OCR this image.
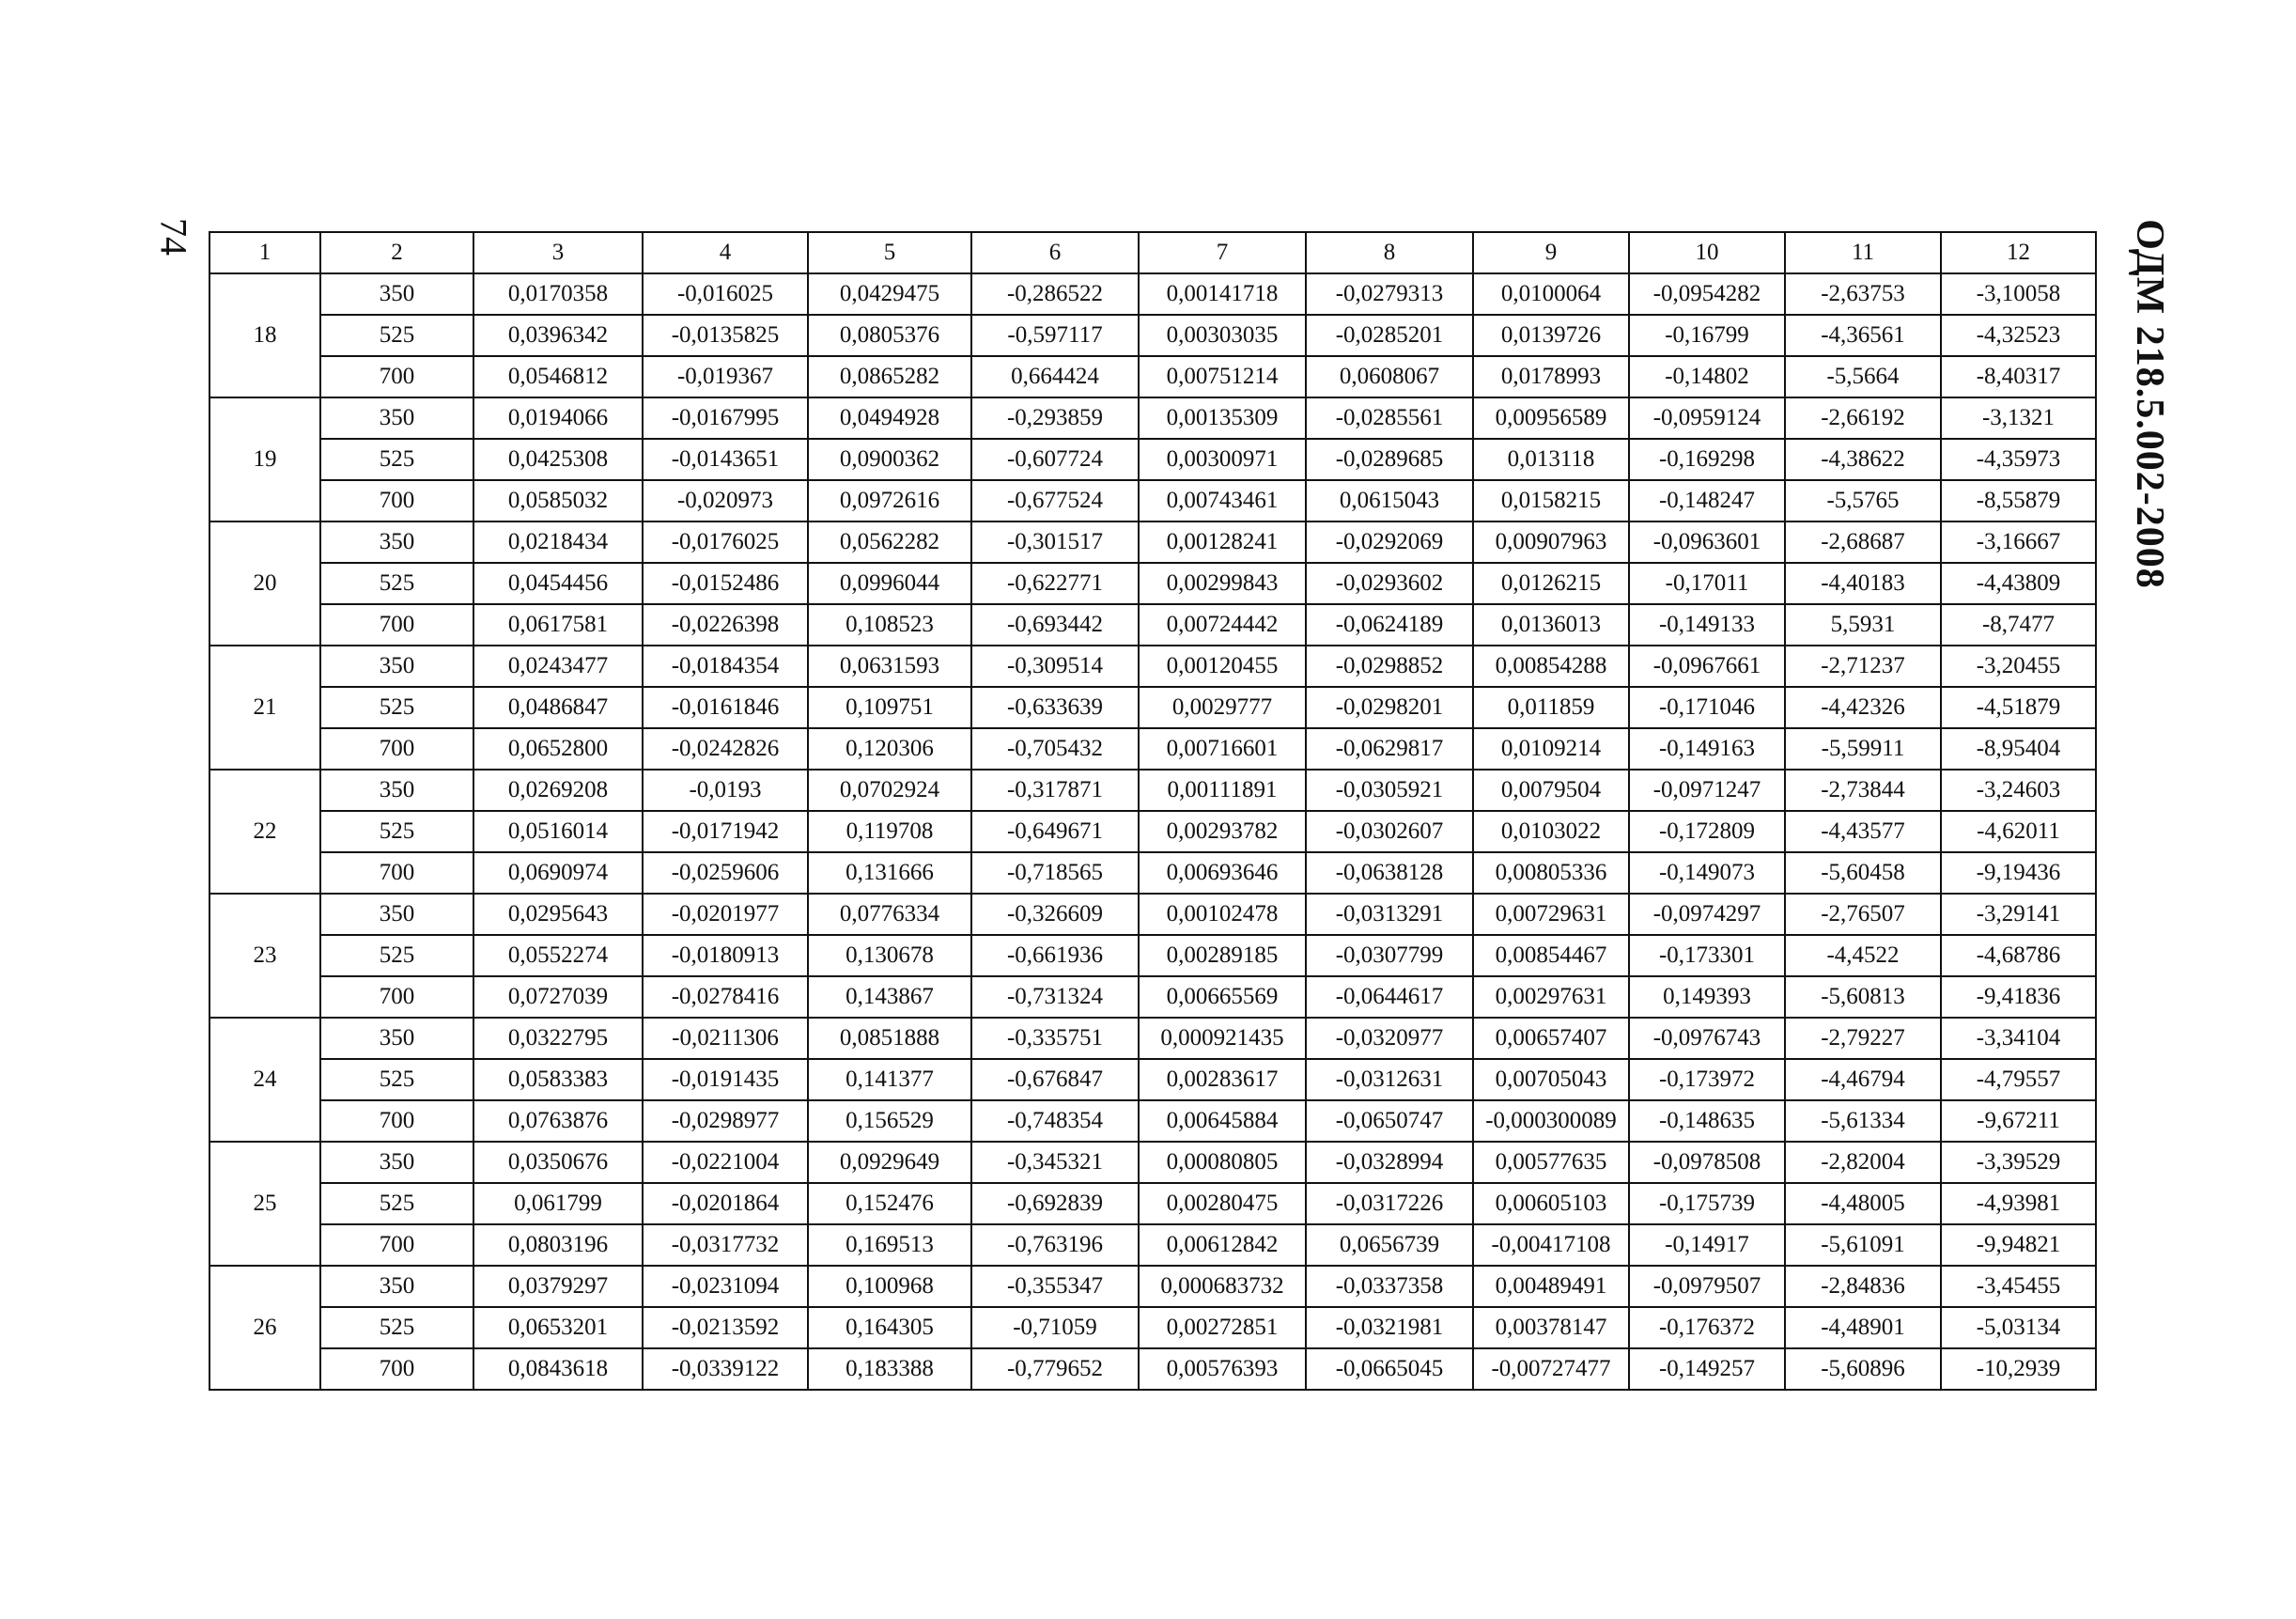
74	ОДМ 218.5.002-2008
1	2	3	4	5	6	7	8	9	10	11	12
18	350	0,0170358	-0,016025	0,0429475	-0,286522	0,00141718	-0,0279313	0,0100064	-0,0954282	-2,63753	-3,10058
	525	0,0396342	-0,0135825	0,0805376	-0,597117	0,00303035	-0,0285201	0,0139726	-0,16799	-4,36561	-4,32523
	700	0,0546812	-0,019367	0,0865282	0,664424	0,00751214	0,0608067	0,0178993	-0,14802	-5,5664	-8,40317
19	350	0,0194066	-0,0167995	0,0494928	-0,293859	0,00135309	-0,0285561	0,00956589	-0,0959124	-2,66192	-3,1321
	525	0,0425308	-0,0143651	0,0900362	-0,607724	0,00300971	-0,0289685	0,013118	-0,169298	-4,38622	-4,35973
	700	0,0585032	-0,020973	0,0972616	-0,677524	0,00743461	0,0615043	0,0158215	-0,148247	-5,5765	-8,55879
20	350	0,0218434	-0,0176025	0,0562282	-0,301517	0,00128241	-0,0292069	0,00907963	-0,0963601	-2,68687	-3,16667
	525	0,0454456	-0,0152486	0,0996044	-0,622771	0,00299843	-0,0293602	0,0126215	-0,17011	-4,40183	-4,43809
	700	0,0617581	-0,0226398	0,108523	-0,693442	0,00724442	-0,0624189	0,0136013	-0,149133	5,5931	-8,7477
21	350	0,0243477	-0,0184354	0,0631593	-0,309514	0,00120455	-0,0298852	0,00854288	-0,0967661	-2,71237	-3,20455
	525	0,0486847	-0,0161846	0,109751	-0,633639	0,0029777	-0,0298201	0,011859	-0,171046	-4,42326	-4,51879
	700	0,0652800	-0,0242826	0,120306	-0,705432	0,00716601	-0,0629817	0,0109214	-0,149163	-5,59911	-8,95404
22	350	0,0269208	-0,0193	0,0702924	-0,317871	0,00111891	-0,0305921	0,0079504	-0,0971247	-2,73844	-3,24603
	525	0,0516014	-0,0171942	0,119708	-0,649671	0,00293782	-0,0302607	0,0103022	-0,172809	-4,43577	-4,62011
	700	0,0690974	-0,0259606	0,131666	-0,718565	0,00693646	-0,0638128	0,00805336	-0,149073	-5,60458	-9,19436
23	350	0,0295643	-0,0201977	0,0776334	-0,326609	0,00102478	-0,0313291	0,00729631	-0,0974297	-2,76507	-3,29141
	525	0,0552274	-0,0180913	0,130678	-0,661936	0,00289185	-0,0307799	0,00854467	-0,173301	-4,4522	-4,68786
	700	0,0727039	-0,0278416	0,143867	-0,731324	0,00665569	-0,0644617	0,00297631	0,149393	-5,60813	-9,41836
24	350	0,0322795	-0,0211306	0,0851888	-0,335751	0,000921435	-0,0320977	0,00657407	-0,0976743	-2,79227	-3,34104
	525	0,0583383	-0,0191435	0,141377	-0,676847	0,00283617	-0,0312631	0,00705043	-0,173972	-4,46794	-4,79557
	700	0,0763876	-0,0298977	0,156529	-0,748354	0,00645884	-0,0650747	-0,000300089	-0,148635	-5,61334	-9,67211
25	350	0,0350676	-0,0221004	0,0929649	-0,345321	0,00080805	-0,0328994	0,00577635	-0,0978508	-2,82004	-3,39529
	525	0,061799	-0,0201864	0,152476	-0,692839	0,00280475	-0,0317226	0,00605103	-0,175739	-4,48005	-4,93981
	700	0,0803196	-0,0317732	0,169513	-0,763196	0,00612842	0,0656739	-0,00417108	-0,14917	-5,61091	-9,94821
26	350	0,0379297	-0,0231094	0,100968	-0,355347	0,000683732	-0,0337358	0,00489491	-0,0979507	-2,84836	-3,45455
	525	0,0653201	-0,0213592	0,164305	-0,71059	0,00272851	-0,0321981	0,00378147	-0,176372	-4,48901	-5,03134
	700	0,0843618	-0,0339122	0,183388	-0,779652	0,00576393	-0,0665045	-0,00727477	-0,149257	-5,60896	-10,2939
